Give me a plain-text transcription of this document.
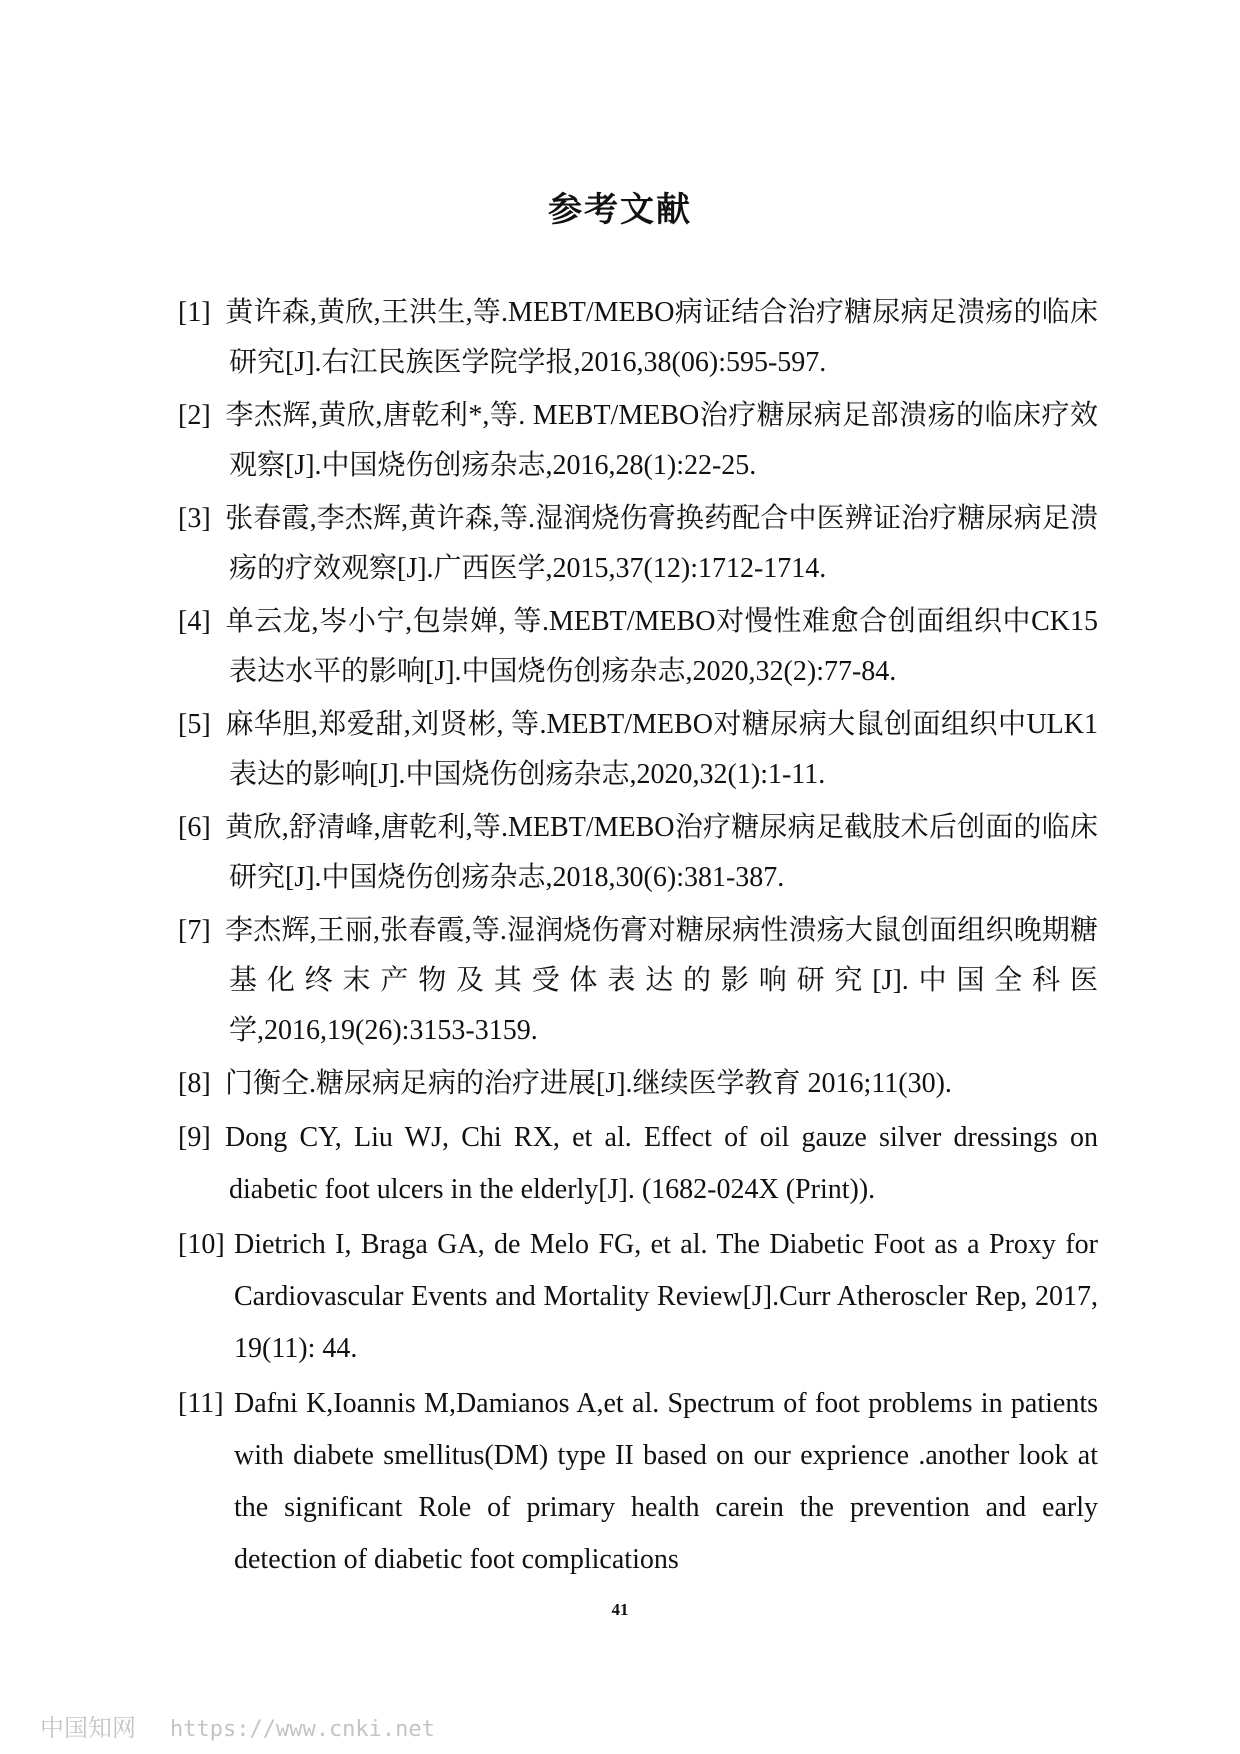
参考文献
[1] 黄许森,黄欣,王洪生,等.MEBT/MEBO病证结合治疗糖尿病足溃疡的临床研究[J].右江民族医学院学报,2016,38(06):595-597.
[2] 李杰辉,黄欣,唐乾利*,等. MEBT/MEBO治疗糖尿病足部溃疡的临床疗效观察[J].中国烧伤创疡杂志,2016,28(1):22-25.
[3] 张春霞,李杰辉,黄许森,等.湿润烧伤膏换药配合中医辨证治疗糖尿病足溃疡的疗效观察[J].广西医学,2015,37(12):1712-1714.
[4] 单云龙,岑小宁,包崇婵, 等.MEBT/MEBO对慢性难愈合创面组织中CK15表达水平的影响[J].中国烧伤创疡杂志,2020,32(2):77-84.
[5] 麻华胆,郑爱甜,刘贤彬, 等.MEBT/MEBO对糖尿病大鼠创面组织中ULK1表达的影响[J].中国烧伤创疡杂志,2020,32(1):1-11.
[6] 黄欣,舒清峰,唐乾利,等.MEBT/MEBO治疗糖尿病足截肢术后创面的临床研究[J].中国烧伤创疡杂志,2018,30(6):381-387.
[7] 李杰辉,王丽,张春霞,等.湿润烧伤膏对糖尿病性溃疡大鼠创面组织晚期糖基化终末产物及其受体表达的影响研究[J].中国全科医学,2016,19(26):3153-3159.
[8] 门衡仝.糖尿病足病的治疗进展[J].继续医学教育 2016;11(30).
[9] Dong CY, Liu WJ, Chi RX, et al. Effect of oil gauze silver dressings on diabetic foot ulcers in the elderly[J]. (1682-024X (Print)).
[10] Dietrich I, Braga GA, de Melo FG, et al. The Diabetic Foot as a Proxy for Cardiovascular Events and Mortality Review[J].Curr Atheroscler Rep, 2017, 19(11): 44.
[11] Dafni K,Ioannis M,Damianos A,et al. Spectrum of foot problems in patients with diabete smellitus(DM) type II based on our exprience .another look at the significant Role of primary health carein the prevention and early detection of diabetic foot complications
41
中国知网 https://www.cnki.net
